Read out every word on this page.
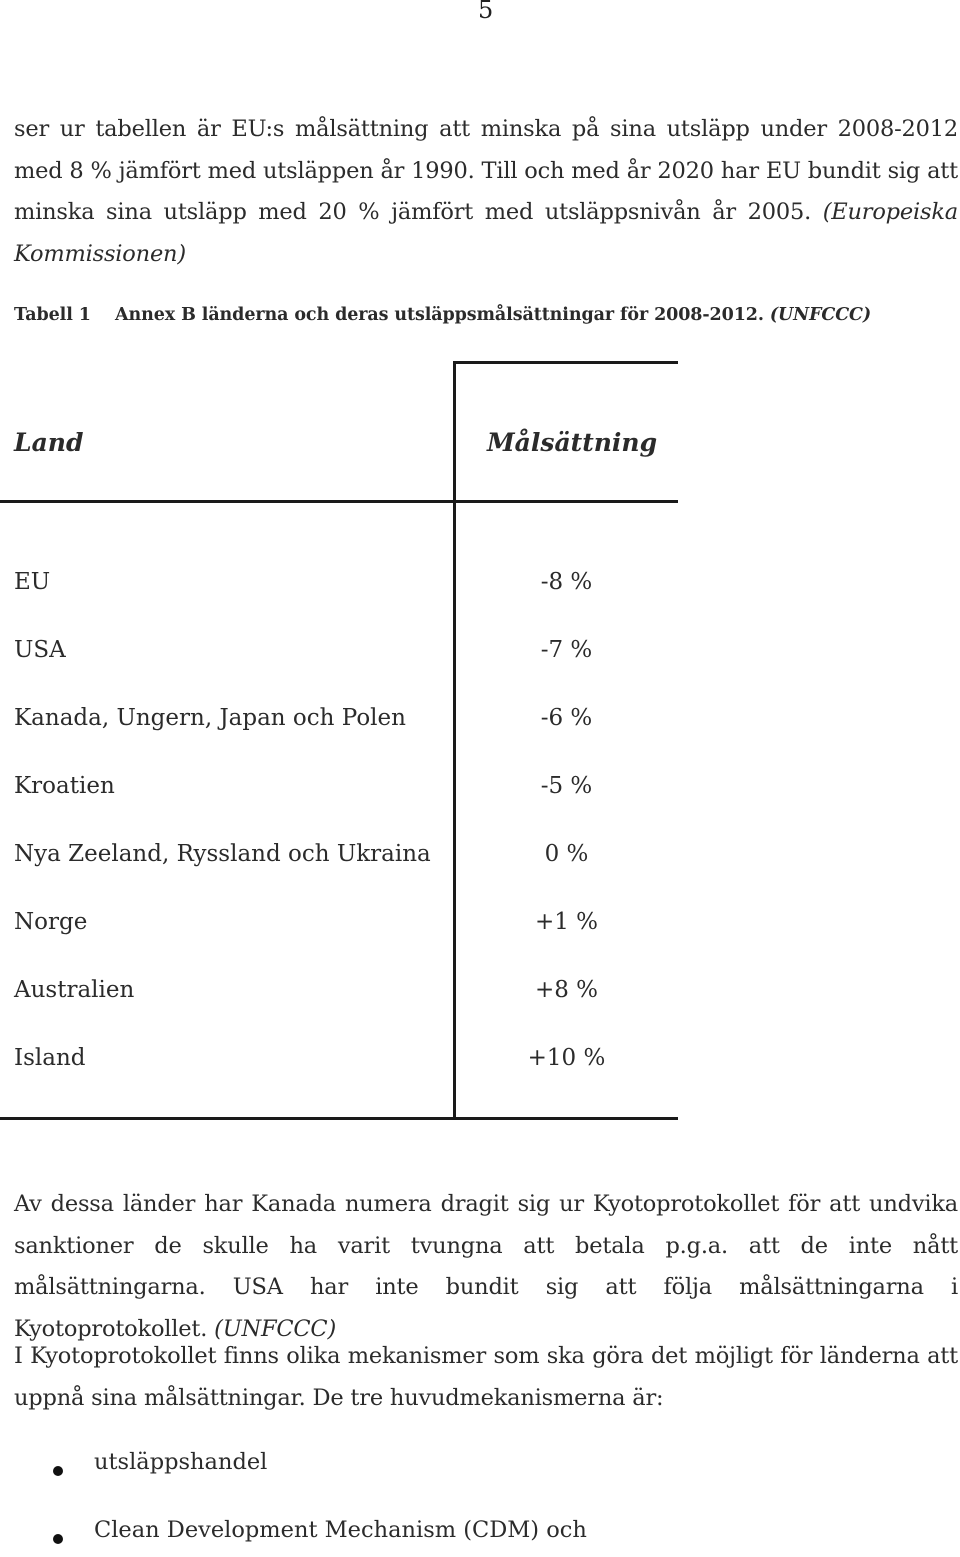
5

ser ur tabellen är EU:s målsättning att minska på sina utsläpp under 2008-2012 med 8 % jämfört med utsläppen år 1990. Till och med år 2020 har EU bundit sig att minska sina utsläpp med 20 % jämfört med utsläppsnivån år 2005. (Europeiska Kommissionen)

Tabell 1 Annex B länderna och deras utsläppsmålsättningar för 2008-2012. (UNFCCC)
Land	Målsättning
EU	-8 %
USA	-7 %
Kanada, Ungern, Japan och Polen	-6 %
Kroatien	-5 %
Nya Zeeland, Ryssland och Ukraina	0 %
Norge	+1 %
Australien	+8 %
Island	+10 %

Av dessa länder har Kanada numera dragit sig ur Kyotoprotokollet för att undvika sanktioner de skulle ha varit tvungna att betala p.g.a. att de inte nått målsättningarna. USA har inte bundit sig att följa målsättningarna i Kyotoprotokollet. (UNFCCC)

I Kyotoprotokollet finns olika mekanismer som ska göra det möjligt för länderna att uppnå sina målsättningar. De tre huvudmekanismerna är:

utsläppshandel
Clean Development Mechanism (CDM) och
